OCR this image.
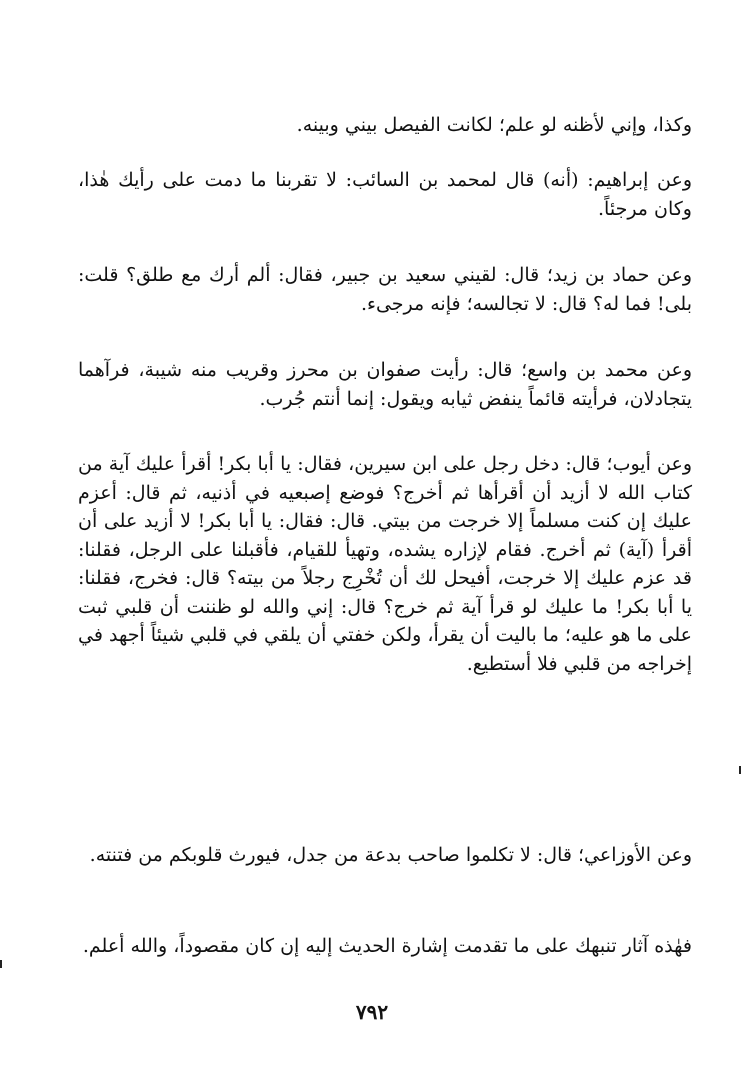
وكذا، وإني لأظنه لو علم؛ لكانت الفيصل بيني وبينه.

وعن إبراهيم: (أنه) قال لمحمد بن السائب: لا تقربنا ما دمت على رأيك هٰذا، وكان مرجئاً.

وعن حماد بن زيد؛ قال: لقيني سعيد بن جبير، فقال: ألم أرك مع طلق؟ قلت: بلى! فما له؟ قال: لا تجالسه؛ فإنه مرجىء.

وعن محمد بن واسع؛ قال: رأيت صفوان بن محرز وقريب منه شيبة، فرآهما يتجادلان، فرأيته قائماً ينفض ثيابه ويقول: إنما أنتم جُرب.

وعن أيوب؛ قال: دخل رجل على ابن سيرين، فقال: يا أبا بكر! أقرأ عليك آية من كتاب الله لا أزيد أن أقرأها ثم أخرج؟ فوضع إصبعيه في أذنيه، ثم قال: أعزم عليك إن كنت مسلماً إلا خرجت من بيتي. قال: فقال: يا أبا بكر! لا أزيد على أن أقرأ (آية) ثم أخرج. فقام لإزاره يشده، وتهيأ للقيام، فأقبلنا على الرجل، فقلنا: قد عزم عليك إلا خرجت، أفيحل لك أن تُخْرِج رجلاً من بيته؟ قال: فخرج، فقلنا: يا أبا بكر! ما عليك لو قرأ آية ثم خرج؟ قال: إني والله لو ظننت أن قلبي ثبت على ما هو عليه؛ ما باليت أن يقرأ، ولكن خفتي أن يلقي في قلبي شيئاً أجهد في إخراجه من قلبي فلا أستطيع.

وعن الأوزاعي؛ قال: لا تكلموا صاحب بدعة من جدل، فيورث قلوبكم من فتنته.

فهٰذه آثار تنبهك على ما تقدمت إشارة الحديث إليه إن كان مقصوداً، والله أعلم.

٧٩٢
